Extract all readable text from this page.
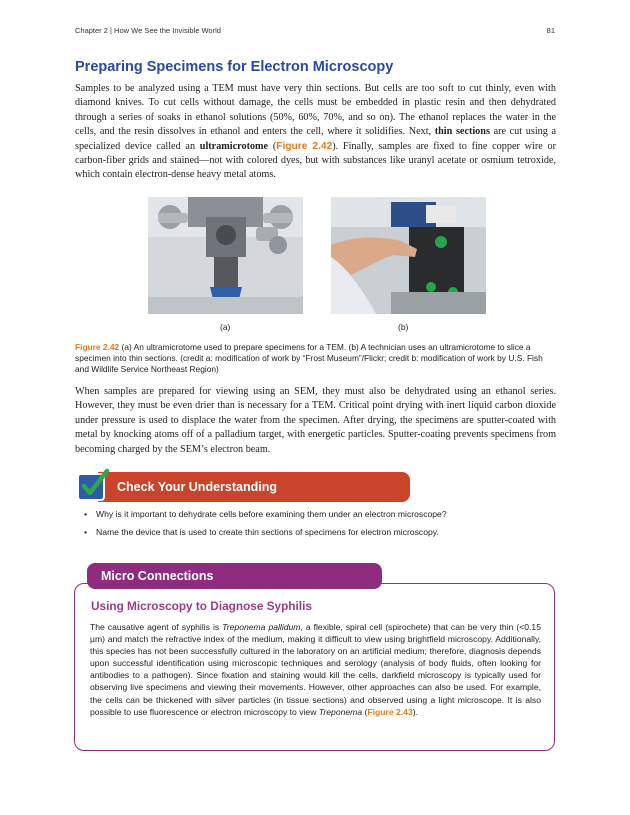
Chapter 2 | How We See the Invisible World	81
Preparing Specimens for Electron Microscopy

Samples to be analyzed using a TEM must have very thin sections. But cells are too soft to cut thinly, even with diamond knives. To cut cells without damage, the cells must be embedded in plastic resin and then dehydrated through a series of soaks in ethanol solutions (50%, 60%, 70%, and so on). The ethanol replaces the water in the cells, and the resin dissolves in ethanol and enters the cell, where it solidifies. Next, thin sections are cut using a specialized device called an ultramicrotome (Figure 2.42). Finally, samples are fixed to fine copper wire or carbon-fiber grids and stained—not with colored dyes, but with substances like uranyl acetate or osmium tetroxide, which contain electron-dense heavy metal atoms.

(a)	(b)

Figure 2.42 (a) An ultramicrotome used to prepare specimens for a TEM. (b) A technician uses an ultramicrotome to slice a specimen into thin sections. (credit a: modification of work by “Frost Museum”/Flickr; credit b: modification of work by U.S. Fish and Wildlife Service Northeast Region)

When samples are prepared for viewing using an SEM, they must also be dehydrated using an ethanol series. However, they must be even drier than is necessary for a TEM. Critical point drying with inert liquid carbon dioxide under pressure is used to displace the water from the specimen. After drying, the specimens are sputter-coated with metal by knocking atoms off of a palladium target, with energetic particles. Sputter-coating prevents specimens from becoming charged by the SEM’s electron beam.

Check Your Understanding
• Why is it important to dehydrate cells before examining them under an electron microscope?
• Name the device that is used to create thin sections of specimens for electron microscopy.
Micro Connections
Using Microscopy to Diagnose Syphilis

The causative agent of syphilis is Treponema pallidum, a flexible, spiral cell (spirochete) that can be very thin (<0.15 µm) and match the refractive index of the medium, making it difficult to view using brightfield microscopy. Additionally, this species has not been successfully cultured in the laboratory on an artificial medium; therefore, diagnosis depends upon successful identification using microscopic techniques and serology (analysis of body fluids, often looking for antibodies to a pathogen). Since fixation and staining would kill the cells, darkfield microscopy is typically used for observing live specimens and viewing their movements. However, other approaches can also be used. For example, the cells can be thickened with silver particles (in tissue sections) and observed using a light microscope. It is also possible to use fluorescence or electron microscopy to view Treponema (Figure 2.43).
